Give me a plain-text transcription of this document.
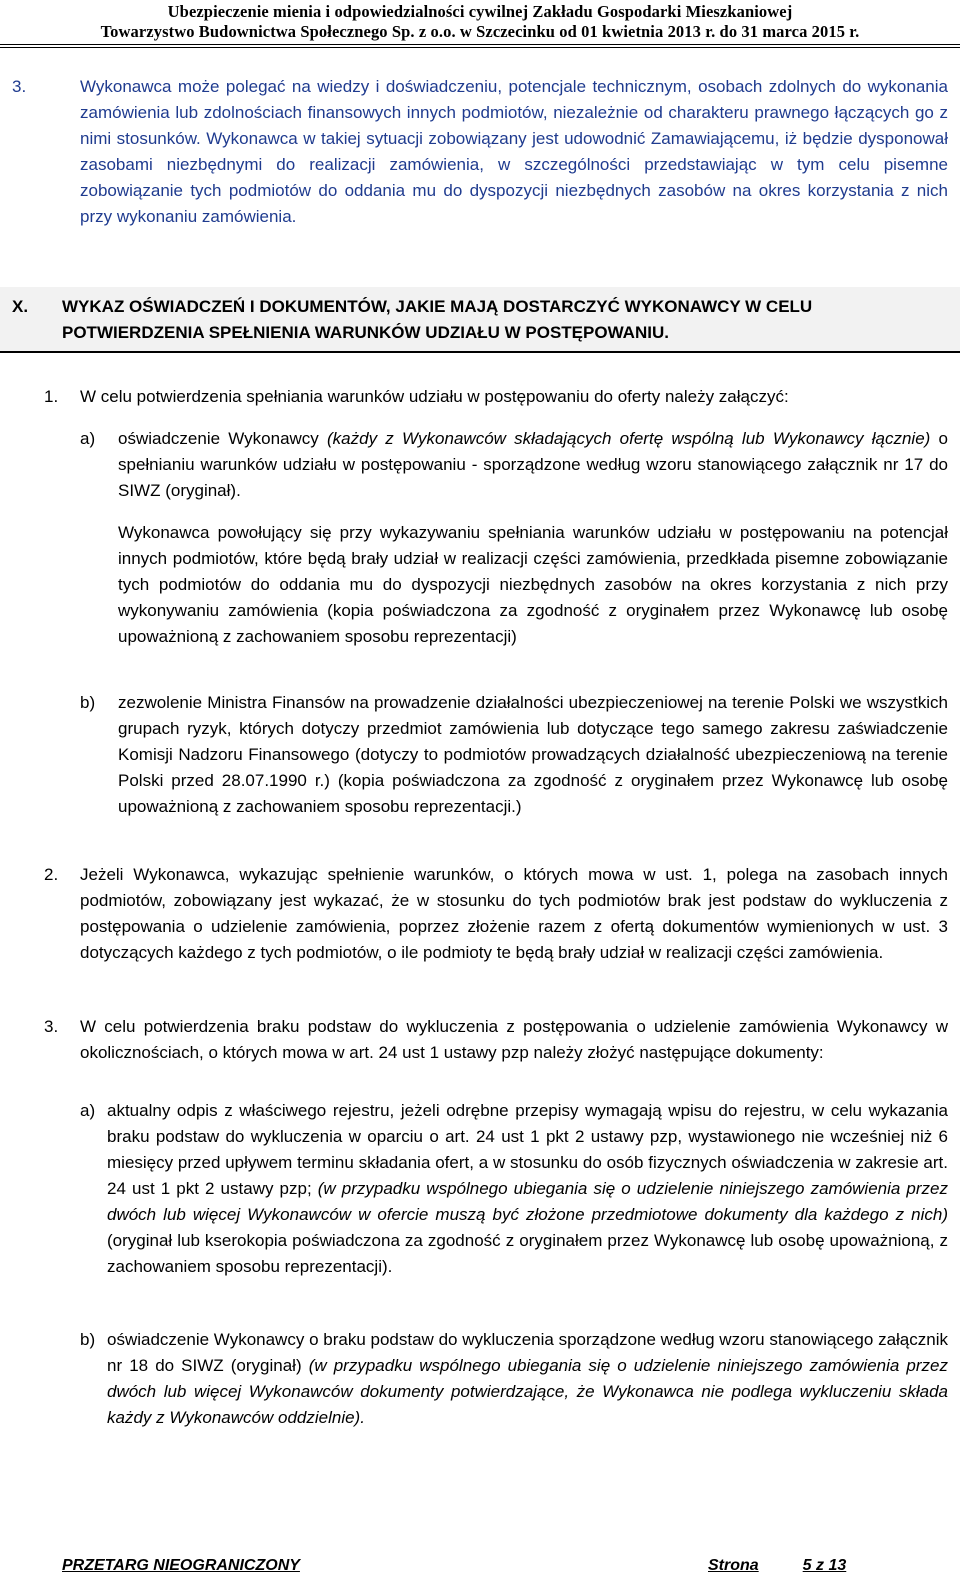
Ubezpieczenie mienia i odpowiedzialności cywilnej Zakładu Gospodarki Mieszkaniowej
Towarzystwo Budownictwa Społecznego Sp. z o.o. w Szczecinku od 01 kwietnia 2013 r. do 31 marca 2015 r.
3.	Wykonawca może polegać na wiedzy i doświadczeniu, potencjale technicznym, osobach zdolnych do wykonania zamówienia lub zdolnościach finansowych innych podmiotów, niezależnie od charakteru prawnego łączących go z nimi stosunków. Wykonawca w takiej sytuacji zobowiązany jest udowodnić Zamawiającemu, iż będzie dysponował zasobami niezbędnymi do realizacji zamówienia, w szczególności przedstawiając w tym celu pisemne zobowiązanie tych podmiotów do oddania mu do dyspozycji niezbędnych zasobów na okres korzystania z nich przy wykonaniu zamówienia.
X. WYKAZ OŚWIADCZEŃ I DOKUMENTÓW, JAKIE MAJĄ DOSTARCZYĆ WYKONAWCY W CELU POTWIERDZENIA SPEŁNIENIA WARUNKÓW UDZIAŁU W POSTĘPOWANIU.
1. W celu potwierdzenia spełniania warunków udziału w postępowaniu do oferty należy załączyć:
a) oświadczenie Wykonawcy (każdy z Wykonawców składających ofertę wspólną lub Wykonawcy łącznie) o spełnianiu warunków udziału w postępowaniu - sporządzone według wzoru stanowiącego załącznik nr 17 do SIWZ (oryginał).
Wykonawca powołujący się przy wykazywaniu spełniania warunków udziału w postępowaniu na potencjał innych podmiotów, które będą brały udział w realizacji części zamówienia, przedkłada pisemne zobowiązanie tych podmiotów do oddania mu do dyspozycji niezbędnych zasobów na okres korzystania z nich przy wykonywaniu zamówienia (kopia poświadczona za zgodność z oryginałem przez Wykonawcę lub osobę upoważnioną z zachowaniem sposobu reprezentacji)
b) zezwolenie Ministra Finansów na prowadzenie działalności ubezpieczeniowej na terenie Polski we wszystkich grupach ryzyk, których dotyczy przedmiot zamówienia lub dotyczące tego samego zakresu zaświadczenie Komisji Nadzoru Finansowego (dotyczy to podmiotów prowadzących działalność ubezpieczeniową na terenie Polski przed 28.07.1990 r.) (kopia poświadczona za zgodność z oryginałem przez Wykonawcę lub osobę upoważnioną z zachowaniem sposobu reprezentacji.)
2. Jeżeli Wykonawca, wykazując spełnienie warunków, o których mowa w ust. 1, polega na zasobach innych podmiotów, zobowiązany jest wykazać, że w stosunku do tych podmiotów brak jest podstaw do wykluczenia z postępowania o udzielenie zamówienia, poprzez złożenie razem z ofertą dokumentów wymienionych w ust. 3 dotyczących każdego z tych podmiotów, o ile podmioty te będą brały udział w realizacji części zamówienia.
3. W celu potwierdzenia braku podstaw do wykluczenia z postępowania o udzielenie zamówienia Wykonawcy w okolicznościach, o których mowa w art. 24 ust 1 ustawy pzp należy złożyć następujące dokumenty:
a) aktualny odpis z właściwego rejestru, jeżeli odrębne przepisy wymagają wpisu do rejestru, w celu wykazania braku podstaw do wykluczenia w oparciu o art. 24 ust 1 pkt 2 ustawy pzp, wystawionego nie wcześniej niż 6 miesięcy przed upływem terminu składania ofert, a w stosunku do osób fizycznych oświadczenia w zakresie art. 24 ust 1 pkt 2 ustawy pzp; (w przypadku wspólnego ubiegania się o udzielenie niniejszego zamówienia przez dwóch lub więcej Wykonawców w ofercie muszą być złożone przedmiotowe dokumenty dla każdego z nich) (oryginał lub kserokopia poświadczona za zgodność z oryginałem przez Wykonawcę lub osobę upoważnioną, z zachowaniem sposobu reprezentacji).
b) oświadczenie Wykonawcy o braku podstaw do wykluczenia sporządzone według wzoru stanowiącego załącznik nr 18 do SIWZ (oryginał) (w przypadku wspólnego ubiegania się o udzielenie niniejszego zamówienia przez dwóch lub więcej Wykonawców dokumenty potwierdzające, że Wykonawca nie podlega wykluczeniu składa każdy z Wykonawców oddzielnie).
PRZETARG NIEOGRANICZONY	Strona	5 z 13
